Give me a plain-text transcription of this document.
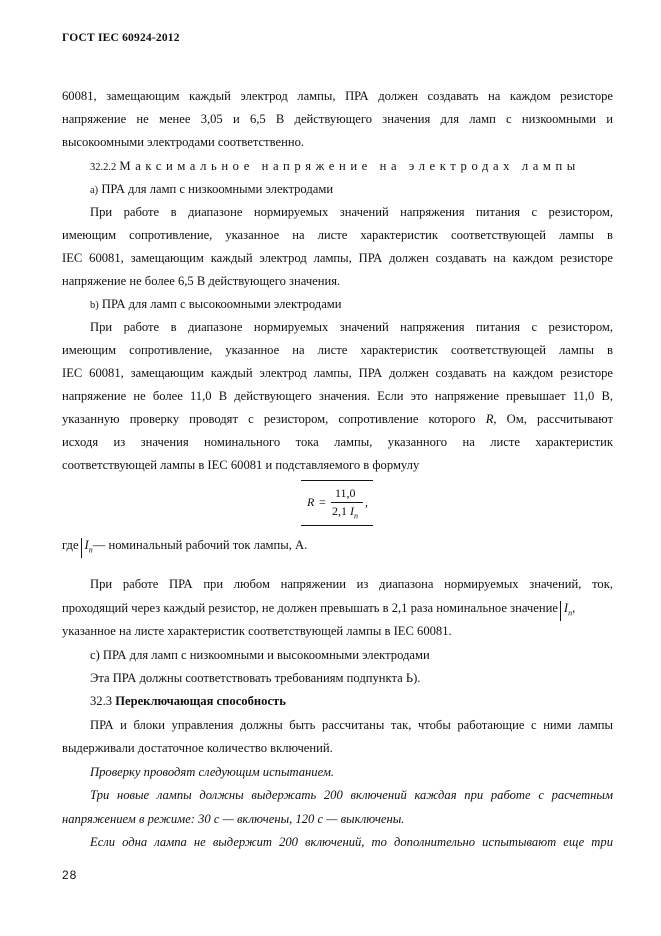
ГОСТ IEC 60924-2012
60081, замещающим каждый электрод лампы, ПРА должен создавать на каждом резисторе
напряжение не менее 3,05 и 6,5 В действующего значения для ламп с низкоомными и
высокоомными электродами соответственно.
32.2.2 Максимальное напряжение на электродах лампы
а) ПРА для ламп с низкоомными электродами
При работе в диапазоне нормируемых значений напряжения питания с резистором,
имеющим сопротивление, указанное на листе характеристик соответствующей лампы в
IEC 60081, замещающим каждый электрод лампы, ПРА должен создавать на каждом резисторе
напряжение не более 6,5 В действующего значения.
b) ПРА для ламп с высокоомными электродами
При работе в диапазоне нормируемых значений напряжения питания с резистором,
имеющим сопротивление, указанное на листе характеристик соответствующей лампы в
IEC 60081, замещающим каждый электрод лампы, ПРА должен создавать на каждом резисторе
напряжение не более 11,0 В действующего значения. Если это напряжение превышает 11,0 В,
указанную проверку проводят с резистором, сопротивление которого R, Ом, рассчитывают
исходя из значения номинального тока лампы, указанного на листе характеристик
соответствующей лампы в IEC 60081 и подставляемого в формулу
R =
11,0
2,1 $I_n$
,
где $I_n—$ номинальный рабочий ток лампы, А.
При работе ПРА при любом напряжении из диапазона нормируемых значений, ток,
проходящий через каждый резистор, не должен превышать в 2,1 раза номинальное значение $I_n$,
указанное на листе характеристик соответствующей лампы в IEC 60081.
с) ПРА для ламп с низкоомными и высокоомными электродами
Эта ПРА должны соответствовать требованиям подпункта Ь).
32.3 Переключающая способность
ПРА и блоки управления должны быть рассчитаны так, чтобы работающие с ними лампы
выдерживали достаточное количество включений.
Проверку проводят следующим испытанием.
Три новые лампы должны выдержать 200 включений каждая при работе с расчетным
напряжением в режиме: 30 с — включены, 120 с — выключены.
Если одна лампа не выдержит 200 включений, то дополнительно испытывают еще три
28
